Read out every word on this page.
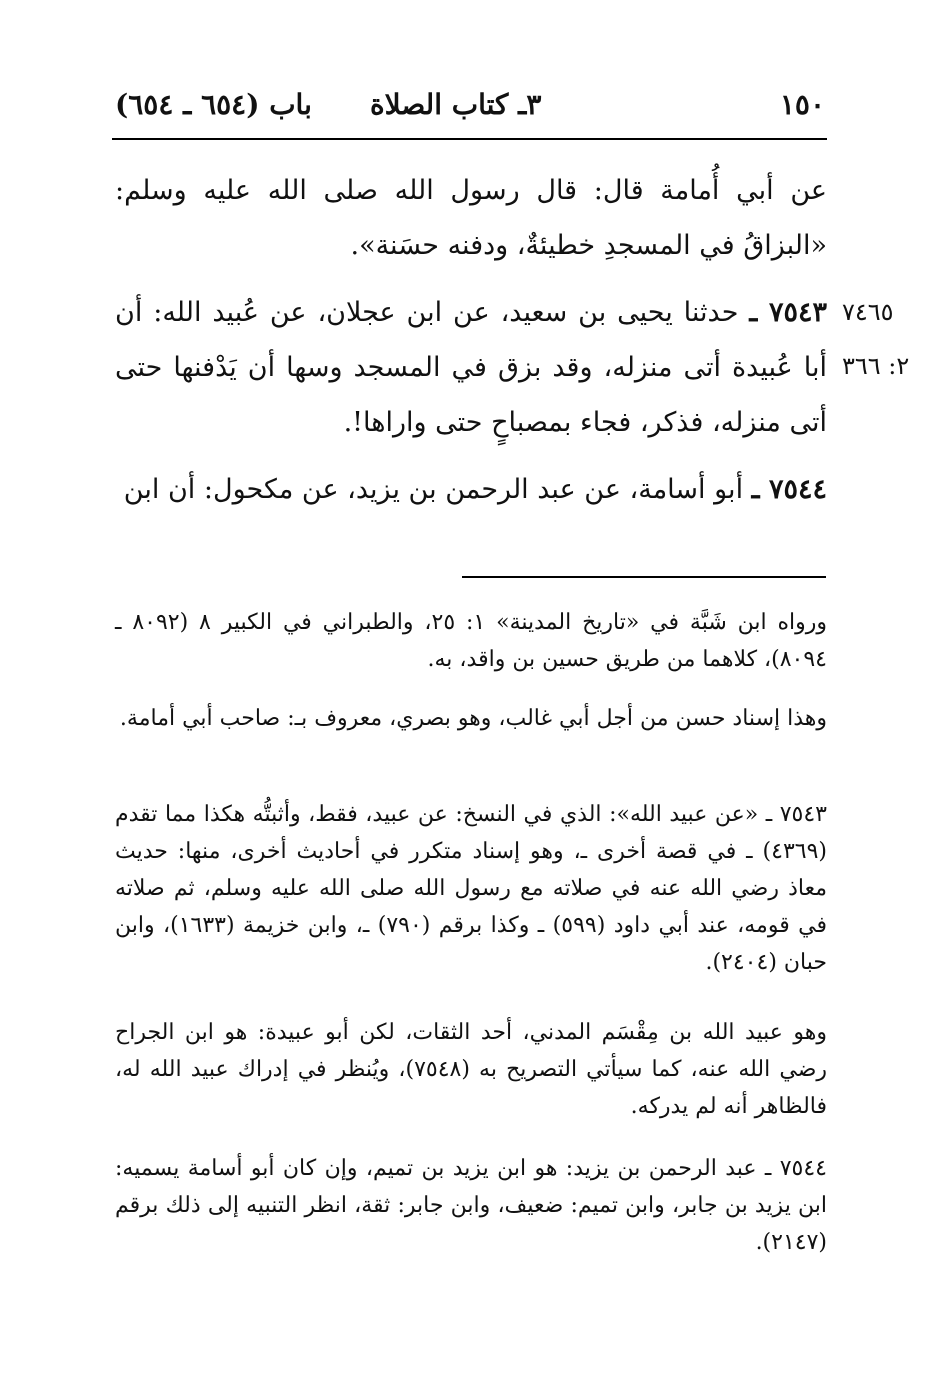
١٥٠
٣ـ كتاب الصلاة
باب (٦٥٤ ـ ٦٥٤)
عن أبي أُمامة قال: قال رسول الله صلى الله عليه وسلم: «البزاقُ في المسجدِ خطيئةٌ، ودفنه حسَنة».
٧٥٤٣ ـ حدثنا يحيى بن سعيد، عن ابن عجلان، عن عُبيد الله: أن أبا عُبيدة أتى منزله، وقد بزق في المسجد وسها أن يَدْفنها حتى أتى منزله، فذكر، فجاء بمصباحٍ حتى واراها!.
٧٥٤٤ ـ أبو أسامة، عن عبد الرحمن بن يزيد، عن مكحول: أن ابن
٧٤٦٥
٢: ٣٦٦

ورواه ابن شَبَّة في «تاريخ المدينة» ١: ٢٥، والطبراني في الكبير ٨ (٨٠٩٢ ـ ٨٠٩٤)، كلاهما من طريق حسين بن واقد، به.

وهذا إسناد حسن من أجل أبي غالب، وهو بصري، معروف بـ: صاحب أبي أمامة.

٧٥٤٣ ـ «عن عبيد الله»: الذي في النسخ: عن عبيد، فقط، وأثبتُّه هكذا مما تقدم (٤٣٦٩) ـ في قصة أخرى ـ، وهو إسناد متكرر في أحاديث أخرى، منها: حديث معاذ رضي الله عنه في صلاته مع رسول الله صلى الله عليه وسلم، ثم صلاته في قومه، عند أبي داود (٥٩٩) ـ وكذا برقم (٧٩٠) ـ، وابن خزيمة (١٦٣٣)، وابن حبان (٢٤٠٤).

وهو عبيد الله بن مِقْسَم المدني، أحد الثقات، لكن أبو عبيدة: هو ابن الجراح رضي الله عنه، كما سيأتي التصريح به (٧٥٤٨)، ويُنظر في إدراك عبيد الله له، فالظاهر أنه لم يدركه.

٧٥٤٤ ـ عبد الرحمن بن يزيد: هو ابن يزيد بن تميم، وإن كان أبو أسامة يسميه: ابن يزيد بن جابر، وابن تميم: ضعيف، وابن جابر: ثقة، انظر التنبيه إلى ذلك برقم (٢١٤٧).
